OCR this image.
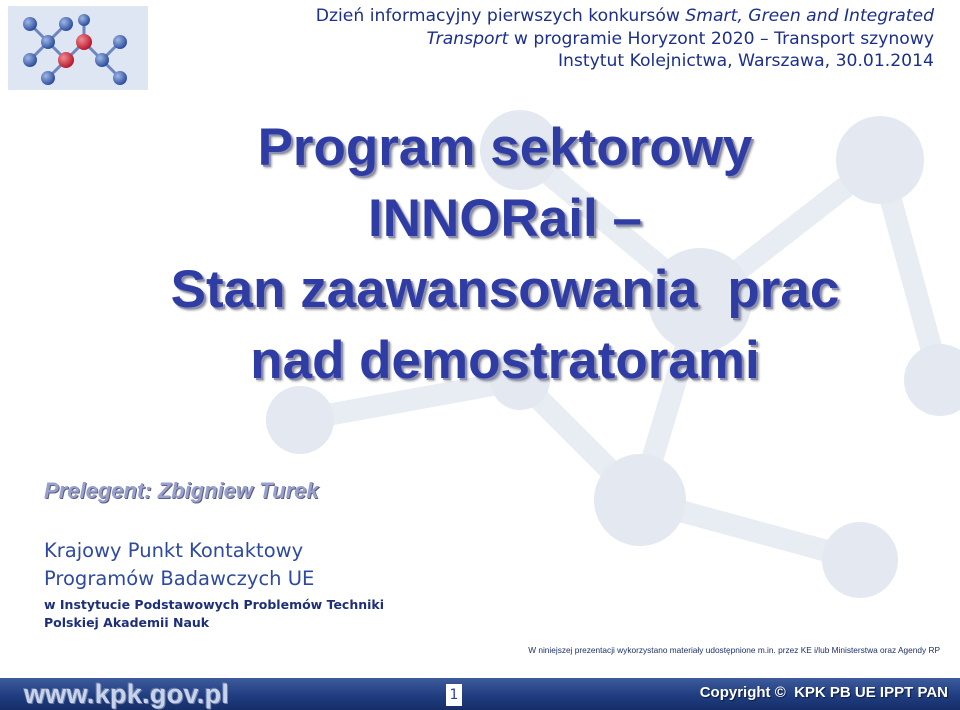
Dzień informacyjny pierwszych konkursów Smart, Green and Integrated
Transport w programie Horyzont 2020 – Transport szynowy
Instytut Kolejnictwa, Warszawa, 30.01.2014
Program sektorowy
INNORail –
Stan zaawansowania  prac
nad demostratorami
Prelegent: Zbigniew Turek
Krajowy Punkt Kontaktowy
Programów Badawczych UE
w Instytucie Podstawowych Problemów Techniki
Polskiej Akademii Nauk
W niniejszej prezentacji wykorzystano materiały udostępnione m.in. przez KE i/lub Ministerstwa oraz Agendy RP
www.kpk.gov.pl	1	Copyright ©  KPK PB UE IPPT PAN
